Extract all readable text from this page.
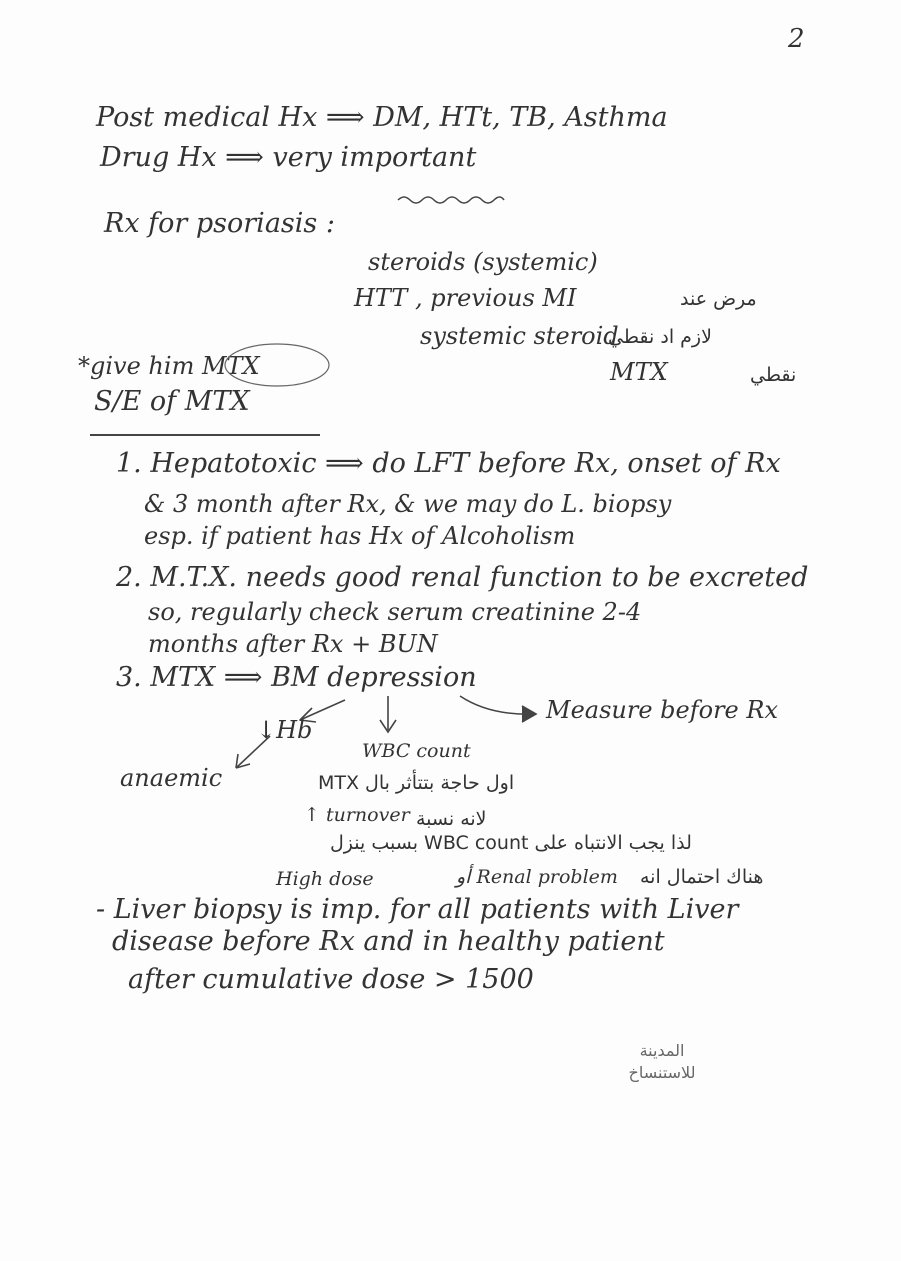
2
Post medical Hx ⟹ DM, HTt, TB, Asthma
Drug Hx ⟹ very important
Rx for psoriasis :
steroids (systemic)
HTT , previous MI
systemic steroid
مرض عند
لازم اد نقطي
نقطي
MTX
*give him MTX
S/E of MTX
1. Hepatotoxic ⟹ do LFT before Rx, onset of Rx
& 3 month after Rx, & we may do L. biopsy
esp. if patient has Hx of Alcoholism
2. M.T.X. needs good renal function to be excreted
so, regularly check serum creatinine 2-4
months after Rx + BUN
3. MTX ⟹ BM depression
↓Hb
Measure before Rx
WBC count
anaemic	اول حاجة بتتأثر بال MTX
↑ turnover لانه نسبة
لذا يجب الانتباه على WBC count بسبب ينزل
High dose	أو Renal problem هناك احتمال انه
- Liver biopsy is imp. for all patients with Liver
disease before Rx and in healthy patient
after cumulative dose > 1500
المدينة للاستنساخ
